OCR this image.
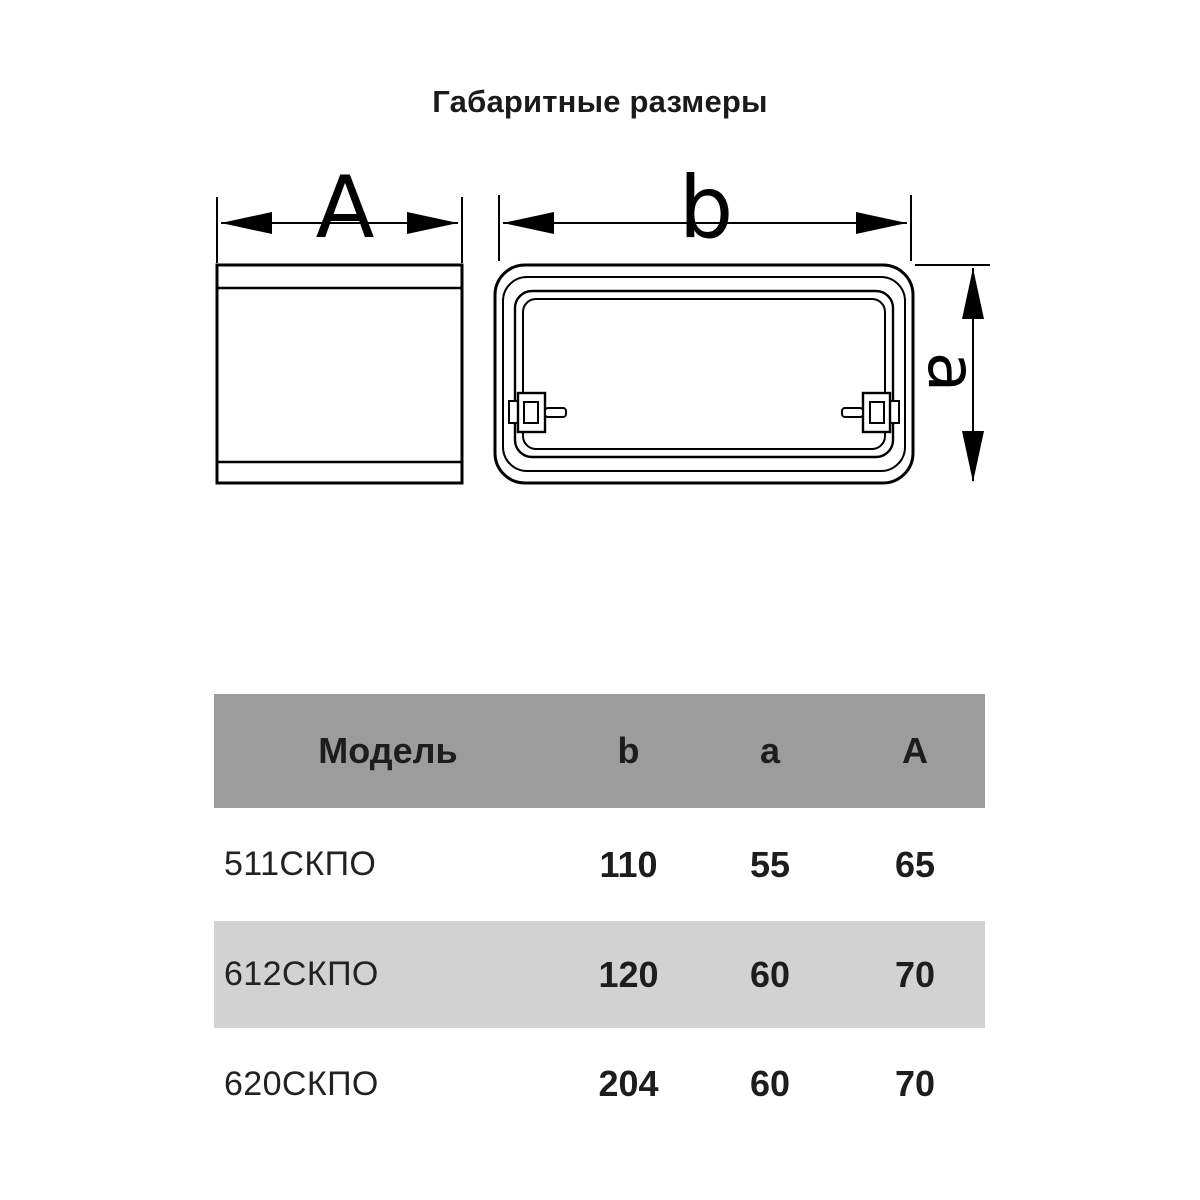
Габаритные размеры
A	b
a
Модель	b	a	A
511СКПО	110	55	65
612СКПО	120	60	70
620СКПО	204	60	70
